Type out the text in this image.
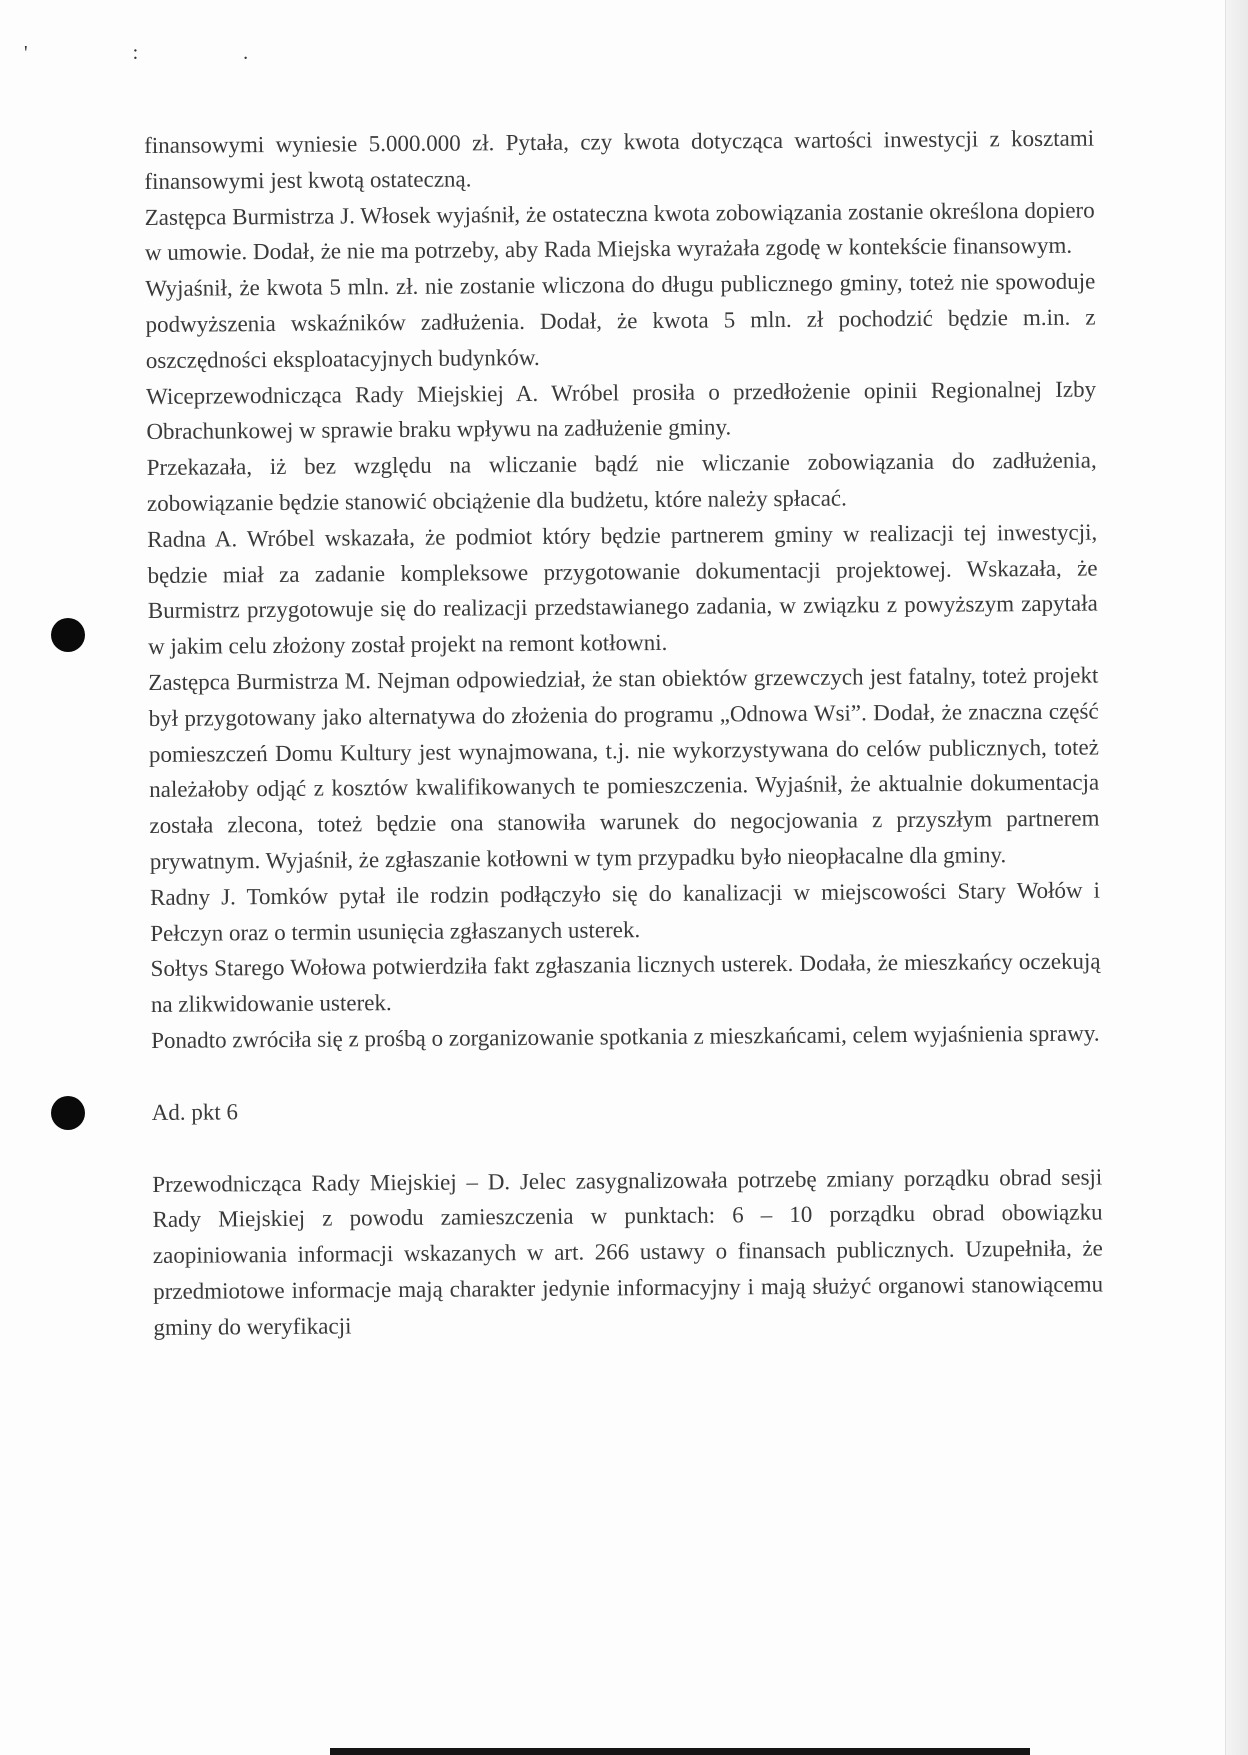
' : .

finansowymi wyniesie 5.000.000 zł. Pytała, czy kwota dotycząca wartości inwestycji z kosztami finansowymi jest kwotą ostateczną.

Zastępca Burmistrza J. Włosek wyjaśnił, że ostateczna kwota zobowiązania zostanie określona dopiero w umowie. Dodał, że nie ma potrzeby, aby Rada Miejska wyrażała zgodę w kontekście finansowym.

Wyjaśnił, że kwota 5 mln. zł. nie zostanie wliczona do długu publicznego gminy, toteż nie spowoduje podwyższenia wskaźników zadłużenia. Dodał, że kwota 5 mln. zł pochodzić będzie m.in. z oszczędności eksploatacyjnych budynków.

Wiceprzewodnicząca Rady Miejskiej A. Wróbel prosiła o przedłożenie opinii Regionalnej Izby Obrachunkowej w sprawie braku wpływu na zadłużenie gminy.

Przekazała, iż bez względu na wliczanie bądź nie wliczanie zobowiązania do zadłużenia, zobowiązanie będzie stanowić obciążenie dla budżetu, które należy spłacać.

Radna A. Wróbel wskazała, że podmiot który będzie partnerem gminy w realizacji tej inwestycji, będzie miał za zadanie kompleksowe przygotowanie dokumentacji projektowej. Wskazała, że Burmistrz przygotowuje się do realizacji przedstawianego zadania, w związku z powyższym zapytała w jakim celu złożony został projekt na remont kotłowni.

Zastępca Burmistrza M. Nejman odpowiedział, że stan obiektów grzewczych jest fatalny, toteż projekt był przygotowany jako alternatywa do złożenia do programu „Odnowa Wsi”. Dodał, że znaczna część pomieszczeń Domu Kultury jest wynajmowana, t.j. nie wykorzystywana do celów publicznych, toteż należałoby odjąć z kosztów kwalifikowanych te pomieszczenia. Wyjaśnił, że aktualnie dokumentacja została zlecona, toteż będzie ona stanowiła warunek do negocjowania z przyszłym partnerem prywatnym. Wyjaśnił, że zgłaszanie kotłowni w tym przypadku było nieopłacalne dla gminy.

Radny J. Tomków pytał ile rodzin podłączyło się do kanalizacji w miejscowości Stary Wołów i Pełczyn oraz o termin usunięcia zgłaszanych usterek.

Sołtys Starego Wołowa potwierdziła fakt zgłaszania licznych usterek. Dodała, że mieszkańcy oczekują na zlikwidowanie usterek.

Ponadto zwróciła się z prośbą o zorganizowanie spotkania z mieszkańcami, celem wyjaśnienia sprawy.

Ad. pkt 6

Przewodnicząca Rady Miejskiej – D. Jelec zasygnalizowała potrzebę zmiany porządku obrad sesji Rady Miejskiej z powodu zamieszczenia w punktach: 6 – 10 porządku obrad obowiązku zaopiniowania informacji wskazanych w art. 266 ustawy o finansach publicznych. Uzupełniła, że przedmiotowe informacje mają charakter jedynie informacyjny i mają służyć organowi stanowiącemu gminy do weryfikacji
